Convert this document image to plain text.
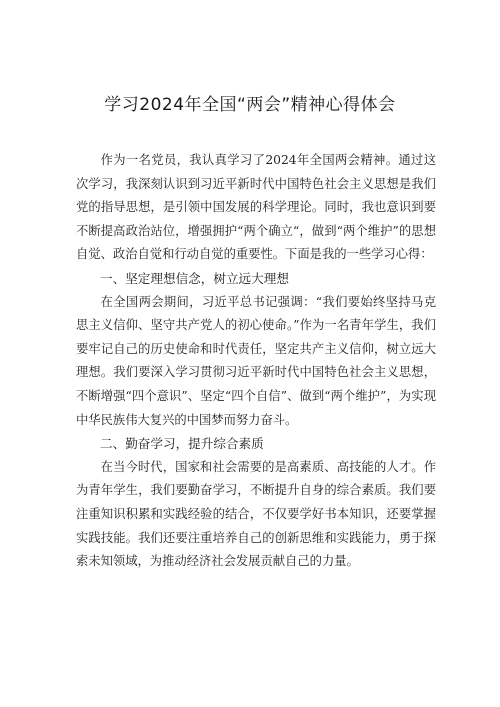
学习2024年全国“两会”精神心得体会

作为一名党员，我认真学习了2024年全国两会精神。通过这次学习，我深刻认识到习近平新时代中国特色社会主义思想是我们党的指导思想，是引领中国发展的科学理论。同时，我也意识到要不断提高政治站位，增强拥护“两个确立“，做到“两个维护”的思想自觉、政治自觉和行动自觉的重要性。下面是我的一些学习心得：

一、坚定理想信念，树立远大理想

在全国两会期间，习近平总书记强调：“我们要始终坚持马克思主义信仰、坚守共产党人的初心使命。”作为一名青年学生，我们要牢记自己的历史使命和时代责任，坚定共产主义信仰，树立远大理想。我们要深入学习贯彻习近平新时代中国特色社会主义思想，不断增强“四个意识”、坚定“四个自信”、做到“两个维护”，为实现中华民族伟大复兴的中国梦而努力奋斗。

二、勤奋学习，提升综合素质

在当今时代，国家和社会需要的是高素质、高技能的人才。作为青年学生，我们要勤奋学习，不断提升自身的综合素质。我们要注重知识积累和实践经验的结合，不仅要学好书本知识，还要掌握实践技能。我们还要注重培养自己的创新思维和实践能力，勇于探索未知领域，为推动经济社会发展贡献自己的力量。
